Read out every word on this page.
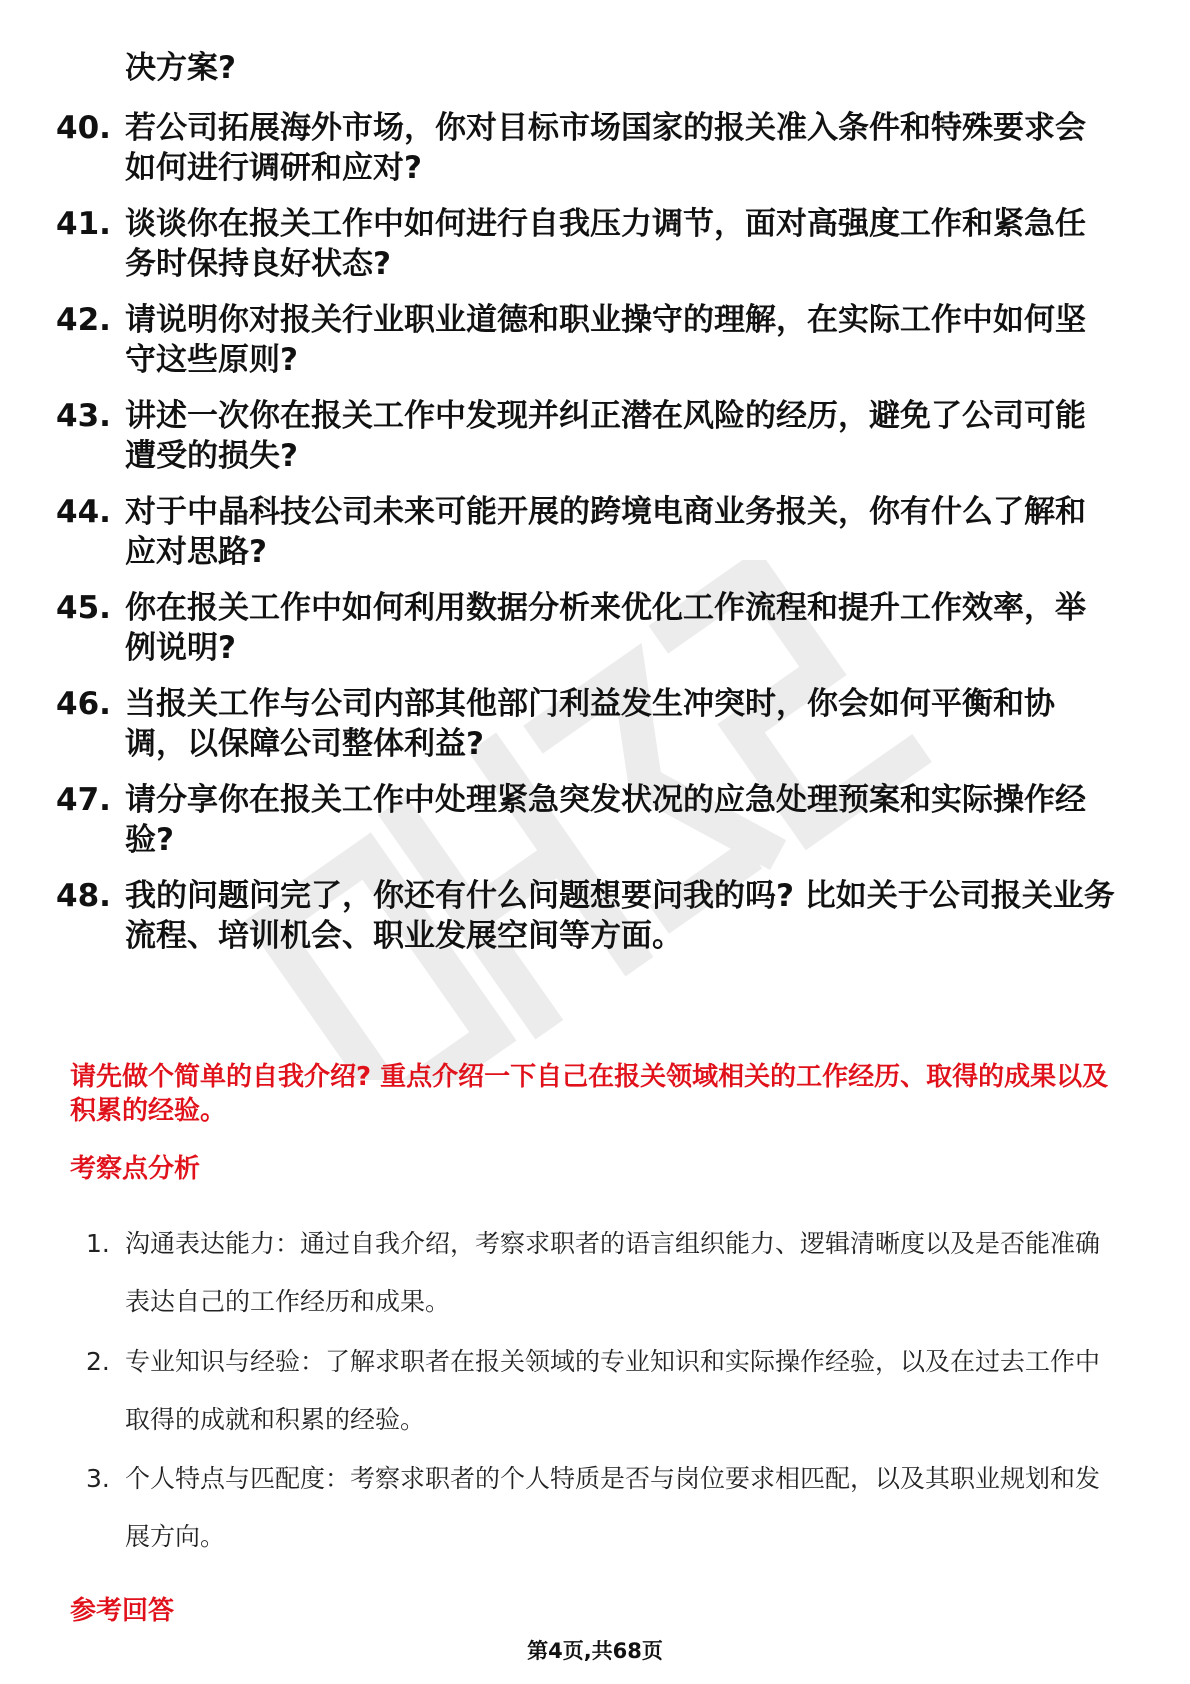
决方案?
40. 若公司拓展海外市场，你对目标市场国家的报关准入条件和特殊要求会如何进行调研和应对?
41. 谈谈你在报关工作中如何进行自我压力调节，面对高强度工作和紧急任务时保持良好状态?
42. 请说明你对报关行业职业道德和职业操守的理解，在实际工作中如何坚守这些原则?
43. 讲述一次你在报关工作中发现并纠正潜在风险的经历，避免了公司可能遭受的损失?
44. 对于中晶科技公司未来可能开展的跨境电商业务报关，你有什么了解和应对思路?
45. 你在报关工作中如何利用数据分析来优化工作流程和提升工作效率，举例说明?
46. 当报关工作与公司内部其他部门利益发生冲突时，你会如何平衡和协调，以保障公司整体利益?
47. 请分享你在报关工作中处理紧急突发状况的应急处理预案和实际操作经验?
48. 我的问题问完了，你还有什么问题想要问我的吗? 比如关于公司报关业务流程、培训机会、职业发展空间等方面。
请先做个简单的自我介绍? 重点介绍一下自己在报关领域相关的工作经历、取得的成果以及积累的经验。
考察点分析
1. 沟通表达能力：通过自我介绍，考察求职者的语言组织能力、逻辑清晰度以及是否能准确表达自己的工作经历和成果。
2. 专业知识与经验：了解求职者在报关领域的专业知识和实际操作经验，以及在过去工作中取得的成就和积累的经验。
3. 个人特点与匹配度：考察求职者的个人特质是否与岗位要求相匹配，以及其职业规划和发展方向。
参考回答
第4页,共68页
